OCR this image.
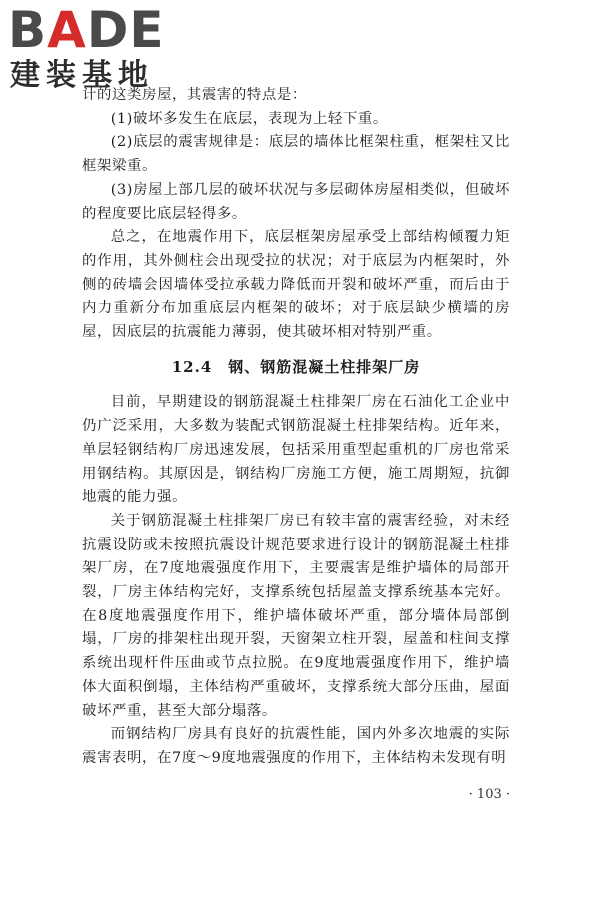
BADE
建装基地

计的这类房屋，其震害的特点是：

(1)破坏多发生在底层，表现为上轻下重。

(2)底层的震害规律是：底层的墙体比框架柱重，框架柱又比框架梁重。

(3)房屋上部几层的破坏状况与多层砌体房屋相类似，但破坏的程度要比底层轻得多。

总之，在地震作用下，底层框架房屋承受上部结构倾覆力矩的作用，其外侧柱会出现受拉的状况；对于底层为内框架时，外侧的砖墙会因墙体受拉承载力降低而开裂和破坏严重，而后由于内力重新分布加重底层内框架的破坏；对于底层缺少横墙的房屋，因底层的抗震能力薄弱，使其破坏相对特别严重。

12.4　钢、钢筋混凝土柱排架厂房

目前，早期建设的钢筋混凝土柱排架厂房在石油化工企业中仍广泛采用，大多数为装配式钢筋混凝土柱排架结构。近年来，单层轻钢结构厂房迅速发展，包括采用重型起重机的厂房也常采用钢结构。其原因是，钢结构厂房施工方便，施工周期短，抗御地震的能力强。

关于钢筋混凝土柱排架厂房已有较丰富的震害经验，对未经抗震设防或未按照抗震设计规范要求进行设计的钢筋混凝土柱排架厂房，在7度地震强度作用下，主要震害是维护墙体的局部开裂，厂房主体结构完好，支撑系统包括屋盖支撑系统基本完好。在8度地震强度作用下，维护墙体破坏严重，部分墙体局部倒塌，厂房的排架柱出现开裂，天窗架立柱开裂，屋盖和柱间支撑系统出现杆件压曲或节点拉脱。在9度地震强度作用下，维护墙体大面积倒塌，主体结构严重破坏，支撑系统大部分压曲，屋面破坏严重，甚至大部分塌落。

而钢结构厂房具有良好的抗震性能，国内外多次地震的实际震害表明，在7度～9度地震强度的作用下，主体结构未发现有明

· 103 ·
